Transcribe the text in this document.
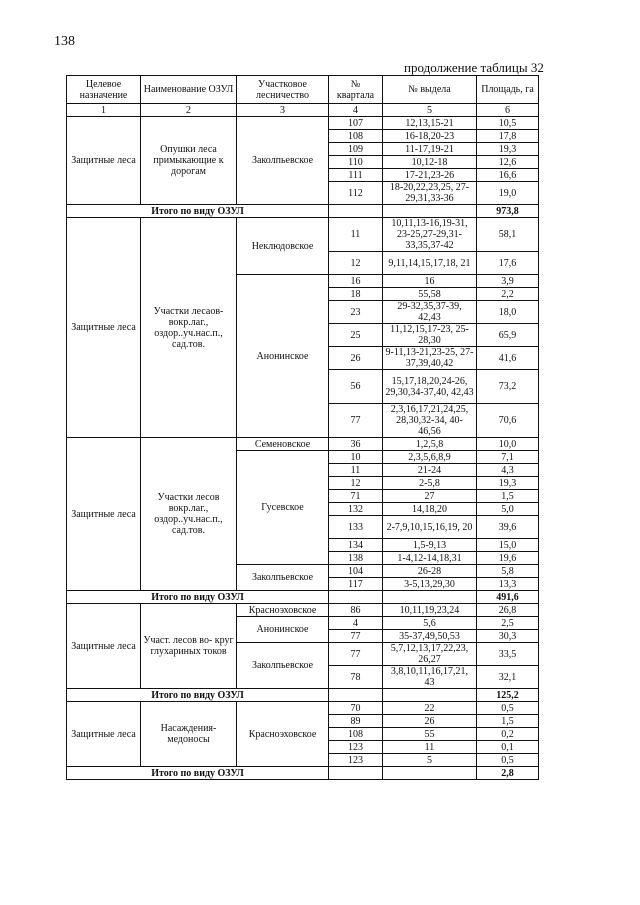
138
продолжение таблицы 32
Целевое назначение	Наименование ОЗУЛ	Участковое лесничество	№ квартала	№ выдела	Площадь, га
1	2	3	4	5	6
Защитные леса	Опушки леса примыкающие к дорогам	Заколпьевское	107	12,13,15-21	10,5
			108	16-18,20-23	17,8
			109	11-17,19-21	19,3
			110	10,12-18	12,6
			111	17-21,23-26	16,6
			112	18-20,22,23,25, 27-29,31,33-36	19,0
Итого по виду ОЗУЛ					973,8
Защитные леса	Участки лесаов- вокр.лаг., оздор..уч.нас.п., сад.тов.	Неклюдовское	11	10,11,13-16,19-31, 23-25,27-29,31- 33,35,37-42	58,1
			12	9,11,14,15,17,18, 21	17,6
		Анонинское	16	16	3,9
			18	55,58	2,2
			23	29-32,35,37-39, 42,43	18,0
			25	11,12,15,17-23, 25-28,30	65,9
			26	9-11,13-21,23-25, 27-37,39,40,42	41,6
			56	15,17,18,20,24-26, 29,30,34-37,40, 42,43	73,2
			77	2,3,16,17,21,24,25, 28,30,32-34, 40-46,56	70,6
Защитные леса	Участки лесов вокр.лаг., оздор..уч.нас.п., сад.тов.	Семеновское	36	1,2,5,8	10,0
		Гусевское	10	2,3,5,6,8,9	7,1
			11	21-24	4,3
			12	2-5,8	19,3
			71	27	1,5
			132	14,18,20	5,0
			133	2-7,9,10,15,16,19, 20	39,6
			134	1,5-9,13	15,0
			138	1-4,12-14,18,31	19,6
		Заколпьевское	104	26-28	5,8
			117	3-5,13,29,30	13,3
Итого по виду ОЗУЛ					491,6
Защитные леса	Участ. лесов во- круг глухариных токов	Красноэховское	86	10,11,19,23,24	26,8
		Анонинское	4	5,6	2,5
			77	35-37,49,50,53	30,3
		Заколпьевское	77	5,7,12,13,17,22,23, 26,27	33,5
			78	3,8,10,11,16,17,21, 43	32,1
Итого по виду ОЗУЛ					125,2
Защитные леса	Насаждения- медоносы	Красноэховское	70	22	0,5
			89	26	1,5
			108	55	0,2
			123	11	0,1
			123	5	0,5
Итого по виду ОЗУЛ					2,8
